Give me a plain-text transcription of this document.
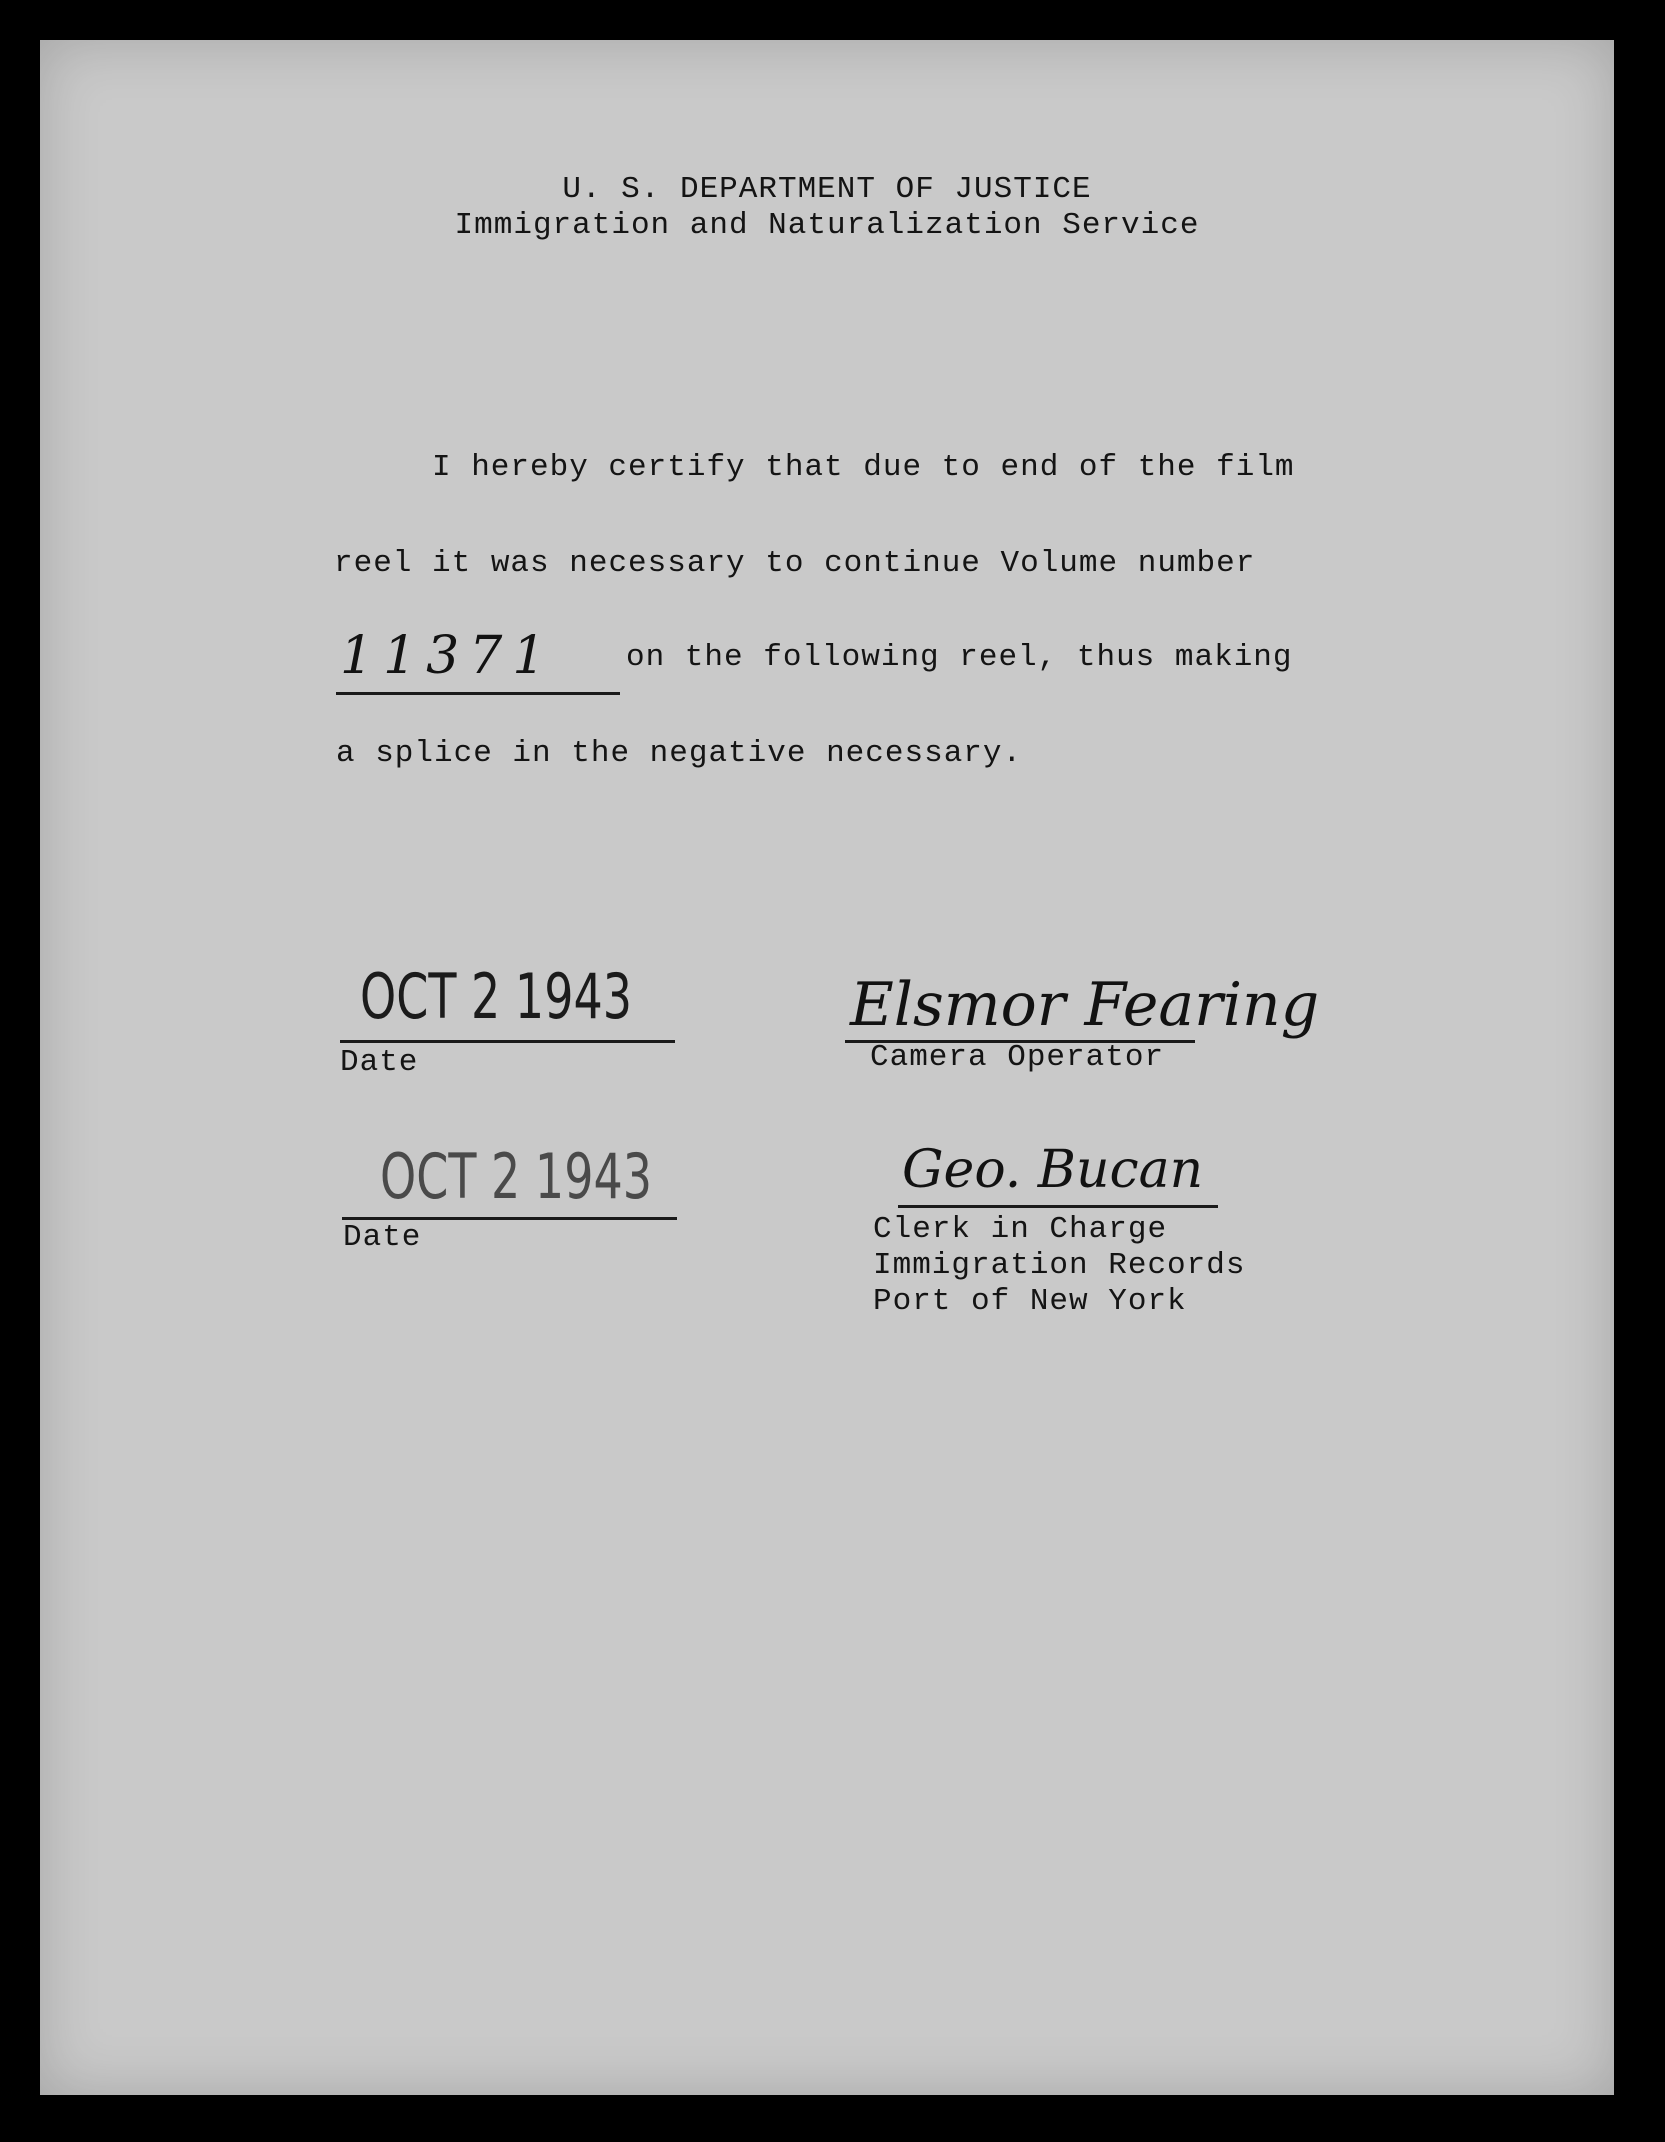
U. S. DEPARTMENT OF JUSTICE
Immigration and Naturalization Service
I hereby certify that due to end of the film
reel it was necessary to continue Volume number
11371 on the following reel, thus making
a splice in the negative necessary.
OCT 2 1943
Date
Elsmor Fearing
Camera Operator
OCT 2 1943
Date
Geo. Bucan
Clerk in Charge
Immigration Records
Port of New York
